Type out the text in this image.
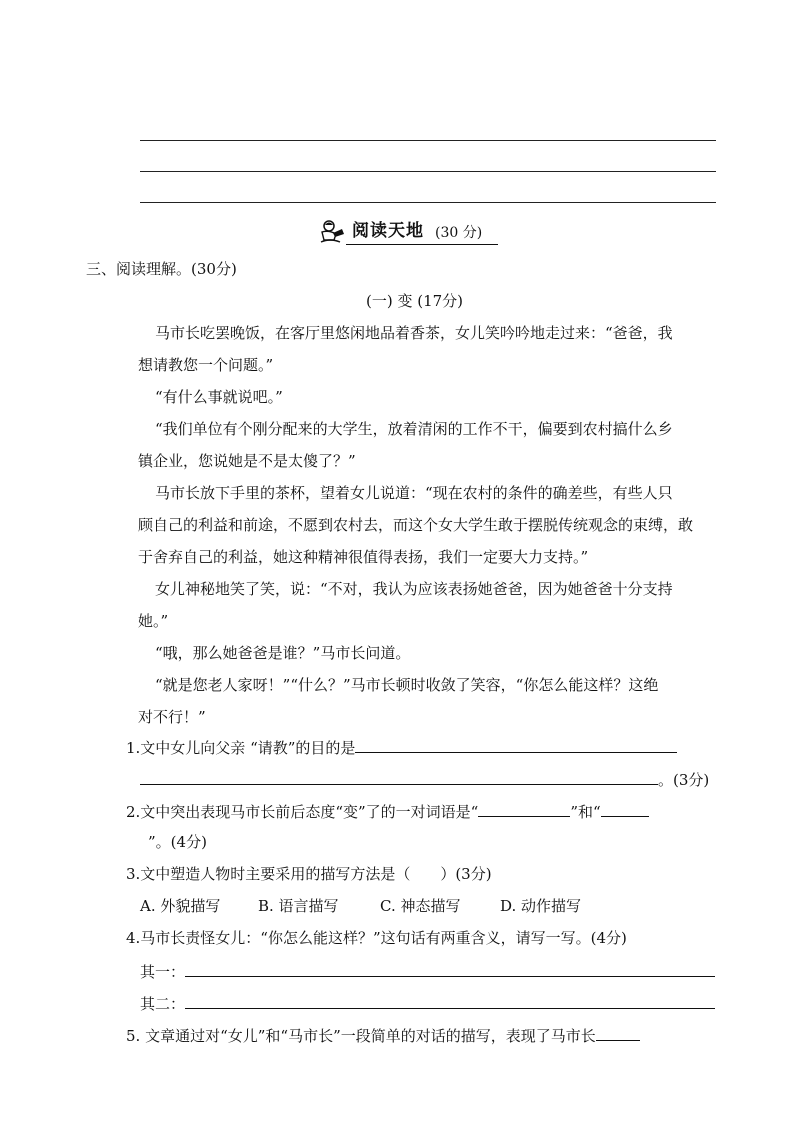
阅读天地 (30 分)
三、阅读理解。(30分)
(一) 变 (17分)
马市长吃罢晚饭，在客厅里悠闲地品着香茶，女儿笑吟吟地走过来：“爸爸，我
想请教您一个问题。”
“有什么事就说吧。”
“我们单位有个刚分配来的大学生，放着清闲的工作不干，偏要到农村搞什么乡
镇企业，您说她是不是太傻了？”
马市长放下手里的茶杯，望着女儿说道：“现在农村的条件的确差些，有些人只
顾自己的利益和前途，不愿到农村去，而这个女大学生敢于摆脱传统观念的束缚，敢
于舍弃自己的利益，她这种精神很值得表扬，我们一定要大力支持。”
女儿神秘地笑了笑，说：“不对，我认为应该表扬她爸爸，因为她爸爸十分支持
她。”
“哦，那么她爸爸是谁？”马市长问道。
“就是您老人家呀！”“什么？”马市长顿时收敛了笑容，“你怎么能这样？这绝
对不行！”
1.文中女儿向父亲 “请教”的目的是
。(3分)
2.文中突出表现马市长前后态度“变”了的一对词语是“	”和“
”。(4分)
3.文中塑造人物时主要采用的描写方法是（　　）(3分)
A. 外貌描写	B. 语言描写	C. 神态描写	D. 动作描写
4.马市长责怪女儿：“你怎么能这样？”这句话有两重含义，请写一写。(4分)
其一：
其二：
5. 文章通过对“女儿”和“马市长”一段简单的对话的描写，表现了马市长
